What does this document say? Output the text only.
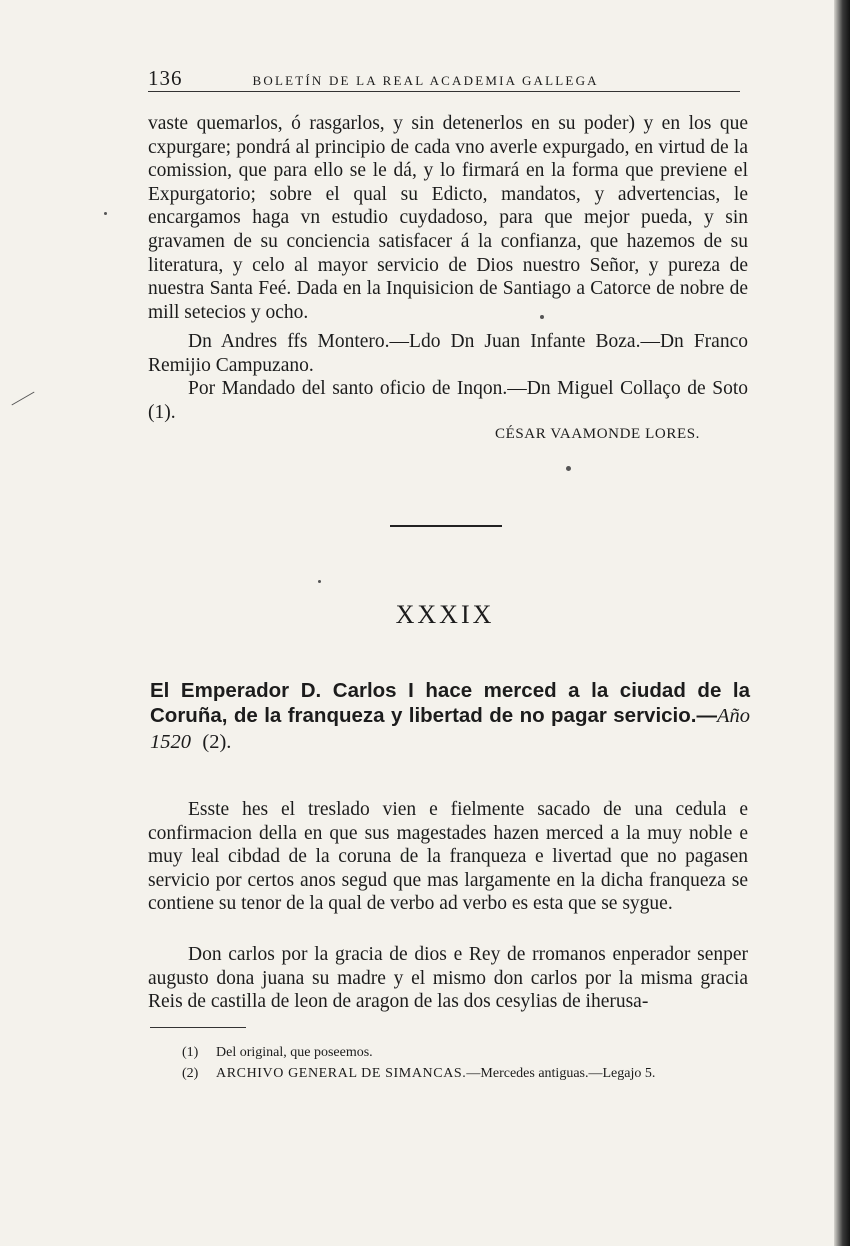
136	BOLETÍN DE LA REAL ACADEMIA GALLEGA

vaste quemarlos, ó rasgarlos, y sin detenerlos en su poder) y en los que cxpurgare; pondrá al principio de cada vno averle expurgado, en virtud de la comission, que para ello se le dá, y lo firmará en la forma que previene el Expurgatorio; sobre el qual su Edicto, mandatos, y advertencias, le encargamos haga vn estudio cuydadoso, para que mejor pueda, y sin gravamen de su conciencia satisfacer á la confianza, que hazemos de su literatura, y celo al mayor servicio de Dios nuestro Señor, y pureza de nuestra Santa Feé. Dada en la Inquisicion de Santiago a Catorce de nobre de mill setecios y ocho.

Dn Andres ffs Montero.—Ldo Dn Juan Infante Boza.—Dn Franco Remijio Campuzano.

Por Mandado del santo oficio de Inqon.—Dn Miguel Collaço de Soto (1).

CÉSAR VAAMONDE LORES.
XXXIX
El Emperador D. Carlos I hace merced a la ciudad de la Coruña, de la franqueza y libertad de no pagar servicio.—Año 1520 (2).

Esste hes el treslado vien e fielmente sacado de una cedula e confirmacion della en que sus magestades hazen merced a la muy noble e muy leal cibdad de la coruna de la franqueza e livertad que no pagasen servicio por certos anos segud que mas largamente en la dicha franqueza se contiene su tenor de la qual de verbo ad verbo es esta que se sygue.

Don carlos por la gracia de dios e Rey de rromanos enperador senper augusto dona juana su madre y el mismo don carlos por la misma gracia Reis de castilla de leon de aragon de las dos cesylias de iherusa-

(1) Del original, que poseemos.
(2) ARCHIVO GENERAL DE SIMANCAS.—Mercedes antiguas.—Legajo 5.
